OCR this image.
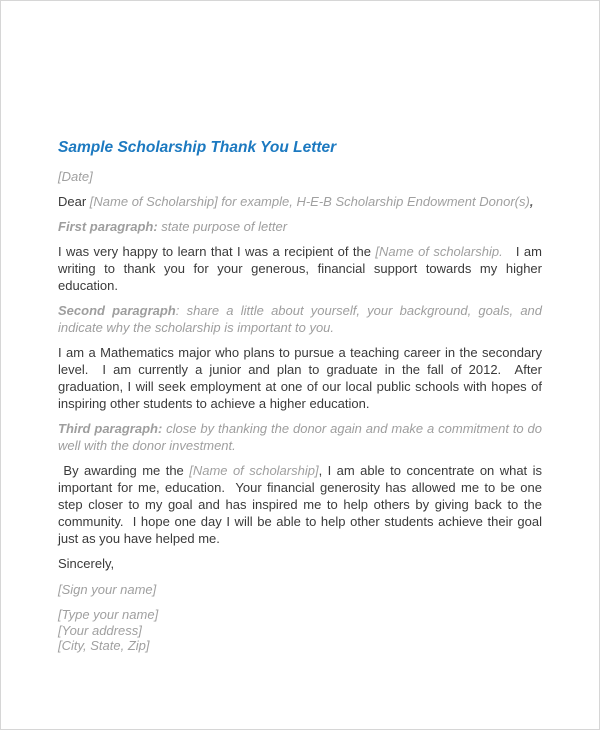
Sample Scholarship Thank You Letter

[Date]

Dear [Name of Scholarship] for example, H-E-B Scholarship Endowment Donor(s),

First paragraph: state purpose of letter

I was very happy to learn that I was a recipient of the [Name of scholarship.   I am writing to thank you for your generous, financial support towards my higher education.

Second paragraph: share a little about yourself, your background, goals, and indicate why the scholarship is important to you.

I am a Mathematics major who plans to pursue a teaching career in the secondary level.  I am currently a junior and plan to graduate in the fall of 2012.  After graduation, I will seek employment at one of our local public schools with hopes of inspiring other students to achieve a higher education.

Third paragraph: close by thanking the donor again and make a commitment to do well with the donor investment.

By awarding me the [Name of scholarship], I am able to concentrate on what is important for me, education.  Your financial generosity has allowed me to be one step closer to my goal and has inspired me to help others by giving back to the community.  I hope one day I will be able to help other students achieve their goal just as you have helped me.

Sincerely,

[Sign your name]

[Type your name]
[Your address]
[City, State, Zip]
